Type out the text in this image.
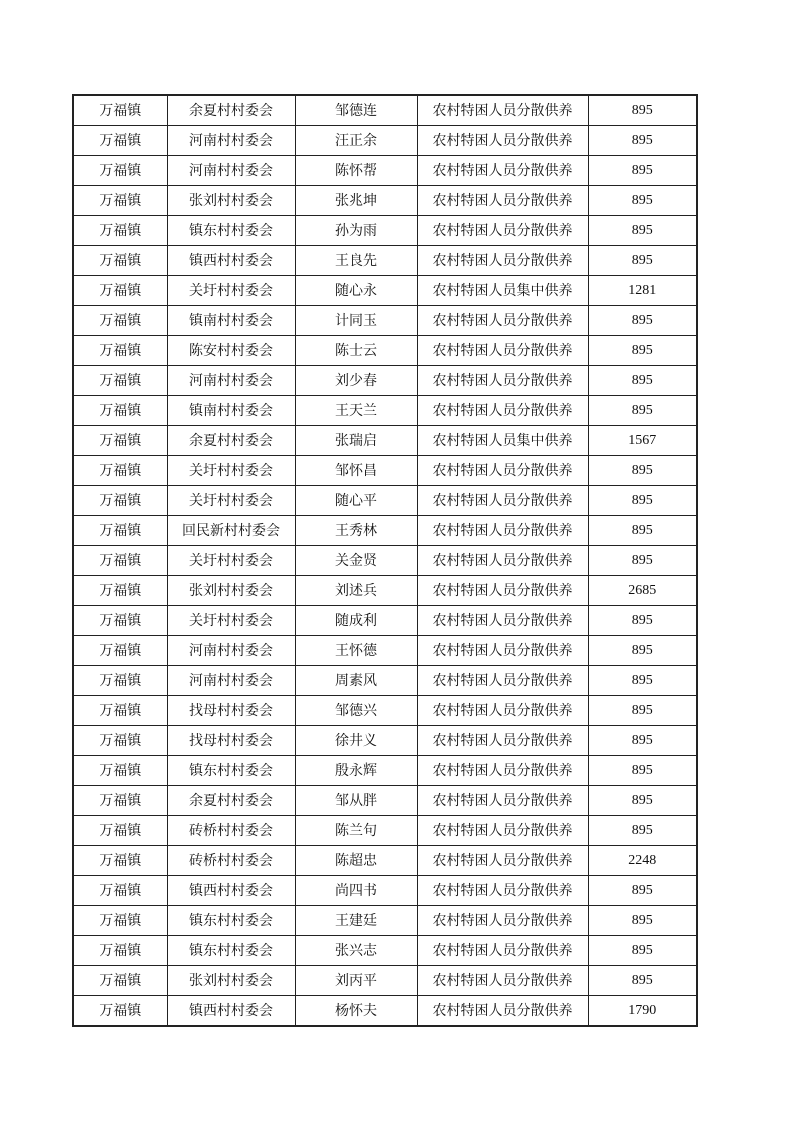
万福镇	余夏村村委会	邹德连	农村特困人员分散供养	895
万福镇	河南村村委会	汪正余	农村特困人员分散供养	895
万福镇	河南村村委会	陈怀帮	农村特困人员分散供养	895
万福镇	张刘村村委会	张兆坤	农村特困人员分散供养	895
万福镇	镇东村村委会	孙为雨	农村特困人员分散供养	895
万福镇	镇西村村委会	王良先	农村特困人员分散供养	895
万福镇	关圩村村委会	随心永	农村特困人员集中供养	1281
万福镇	镇南村村委会	计同玉	农村特困人员分散供养	895
万福镇	陈安村村委会	陈士云	农村特困人员分散供养	895
万福镇	河南村村委会	刘少春	农村特困人员分散供养	895
万福镇	镇南村村委会	王天兰	农村特困人员分散供养	895
万福镇	余夏村村委会	张瑞启	农村特困人员集中供养	1567
万福镇	关圩村村委会	邹怀昌	农村特困人员分散供养	895
万福镇	关圩村村委会	随心平	农村特困人员分散供养	895
万福镇	回民新村村委会	王秀林	农村特困人员分散供养	895
万福镇	关圩村村委会	关金贤	农村特困人员分散供养	895
万福镇	张刘村村委会	刘述兵	农村特困人员分散供养	2685
万福镇	关圩村村委会	随成利	农村特困人员分散供养	895
万福镇	河南村村委会	王怀德	农村特困人员分散供养	895
万福镇	河南村村委会	周素风	农村特困人员分散供养	895
万福镇	找母村村委会	邹德兴	农村特困人员分散供养	895
万福镇	找母村村委会	徐井义	农村特困人员分散供养	895
万福镇	镇东村村委会	殷永辉	农村特困人员分散供养	895
万福镇	余夏村村委会	邹从胖	农村特困人员分散供养	895
万福镇	砖桥村村委会	陈兰句	农村特困人员分散供养	895
万福镇	砖桥村村委会	陈超忠	农村特困人员分散供养	2248
万福镇	镇西村村委会	尚四书	农村特困人员分散供养	895
万福镇	镇东村村委会	王建廷	农村特困人员分散供养	895
万福镇	镇东村村委会	张兴志	农村特困人员分散供养	895
万福镇	张刘村村委会	刘丙平	农村特困人员分散供养	895
万福镇	镇西村村委会	杨怀夫	农村特困人员分散供养	1790
